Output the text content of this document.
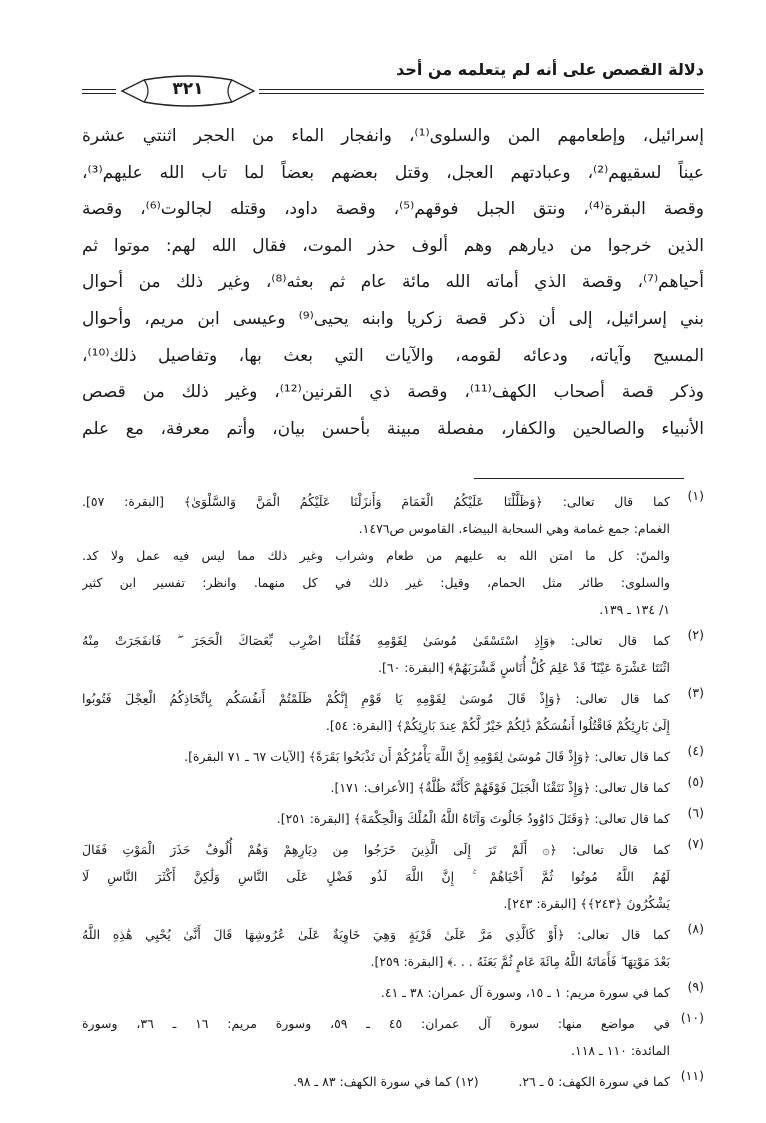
دلالة القصص على أنه لم يتعلمه من أحد
٣٢١
إسرائيل، وإطعامهم المن والسلوى⁽¹⁾، وانفجار الماء من الحجر اثنتي عشرة
عيناً لسقيهم⁽²⁾، وعبادتهم العجل، وقتل بعضهم بعضاً لما تاب الله عليهم⁽³⁾،
وقصة البقرة⁽⁴⁾، ونتق الجبل فوقهم⁽⁵⁾، وقصة داود، وقتله لجالوت⁽⁶⁾، وقصة
الذين خرجوا من ديارهم وهم ألوف حذر الموت، فقال الله لهم: موتوا ثم
أحياهم⁽⁷⁾، وقصة الذي أماته الله مائة عام ثم بعثه⁽⁸⁾، وغير ذلك من أحوال
بني إسرائيل، إلى أن ذكر قصة زكريا وابنه يحيى⁽⁹⁾ وعيسى ابن مريم، وأحوال
المسيح وآياته، ودعائه لقومه، والآيات التي بعث بها، وتفاصيل ذلك⁽¹⁰⁾،
وذكر قصة أصحاب الكهف⁽¹¹⁾، وقصة ذي القرنين⁽¹²⁾، وغير ذلك من قصص
الأنبياء والصالحين والكفار، مفصلة مبينة بأحسن بيان، وأتم معرفة، مع علم
(١)
كما قال تعالى: ﴿وَظَلَّلْنَا عَلَيْكُمُ الْغَمَامَ وَأَنزَلْنَا عَلَيْكُمُ الْمَنَّ وَالسَّلْوَىٰ﴾ [البقرة: ٥٧].
الغمام: جمع غمامة وهي السحابة البيضاء. القاموس ص١٤٧٦.
والمنّ: كل ما امتن الله به عليهم من طعام وشراب وغير ذلك مما ليس فيه عمل ولا كد.
والسلوى: طائر مثل الحمام، وقيل: غير ذلك في كل منهما. وانظر: تفسير ابن كثير
١/ ١٣٤ ـ ١٣٩.
(٢)
كما قال تعالى: ﴿وَإِذِ اسْتَسْقَىٰ مُوسَىٰ لِقَوْمِهِ فَقُلْنَا اضْرِب بِّعَصَاكَ الْحَجَرَ ۖ فَانفَجَرَتْ مِنْهُ
اثْنَتَا عَشْرَةَ عَيْنًا ۖ قَدْ عَلِمَ كُلُّ أُنَاسٍ مَّشْرَبَهُمْ﴾ [البقرة: ٦٠].
(٣)
كما قال تعالى: ﴿وَإِذْ قَالَ مُوسَىٰ لِقَوْمِهِ يَا قَوْمِ إِنَّكُمْ ظَلَمْتُمْ أَنفُسَكُم بِاتِّخَاذِكُمُ الْعِجْلَ فَتُوبُوا
إِلَىٰ بَارِئِكُمْ فَاقْتُلُوا أَنفُسَكُمْ ذَٰلِكُمْ خَيْرٌ لَّكُمْ عِندَ بَارِئِكُمْ﴾ [البقرة: ٥٤].
(٤)
كما قال تعالى: ﴿وَإِذْ قَالَ مُوسَىٰ لِقَوْمِهِ إِنَّ اللَّهَ يَأْمُرُكُمْ أَن تَذْبَحُوا بَقَرَةً﴾ [الآيات ٦٧ ـ ٧١ البقرة].
(٥)
كما قال تعالى: ﴿وَإِذْ نَتَقْنَا الْجَبَلَ فَوْقَهُمْ كَأَنَّهُ ظُلَّةٌ﴾ [الأعراف: ١٧١].
(٦)
كما قال تعالى: ﴿وَقَتَلَ دَاوُودُ جَالُوتَ وَآتَاهُ اللَّهُ الْمُلْكَ وَالْحِكْمَةَ﴾ [البقرة: ٢٥١].
(٧)
كما قال تعالى: ﴿۞ أَلَمْ تَرَ إِلَى الَّذِينَ خَرَجُوا مِن دِيَارِهِمْ وَهُمْ أُلُوفٌ حَذَرَ الْمَوْتِ فَقَالَ
لَهُمُ اللَّهُ مُوتُوا ثُمَّ أَحْيَاهُمْ ۚ إِنَّ اللَّهَ لَذُو فَضْلٍ عَلَى النَّاسِ وَلَٰكِنَّ أَكْثَرَ النَّاسِ لَا
يَشْكُرُونَ ﴿٢٤٣﴾﴾ [البقرة: ٢٤٣].
(٨)
كما قال تعالى: ﴿أَوْ كَالَّذِي مَرَّ عَلَىٰ قَرْيَةٍ وَهِيَ خَاوِيَةٌ عَلَىٰ عُرُوشِهَا قَالَ أَنَّىٰ يُحْيِي هَٰذِهِ اللَّهُ
بَعْدَ مَوْتِهَا ۖ فَأَمَاتَهُ اللَّهُ مِائَةَ عَامٍ ثُمَّ بَعَثَهُ . . .﴾ [البقرة: ٢٥٩].
(٩)
كما في سورة مريم: ١ ـ ١٥، وسورة آل عمران: ٣٨ ـ ٤١.
(١٠)
في مواضع منها: سورة آل عمران: ٤٥ ـ ٥٩، وسورة مريم: ١٦ ـ ٣٦، وسورة
المائدة: ١١٠ ـ ١١٨.
(١١)
كما في سورة الكهف: ٥ ـ ٢٦.          (١٢) كما في سورة الكهف: ٨٣ ـ ٩٨.
